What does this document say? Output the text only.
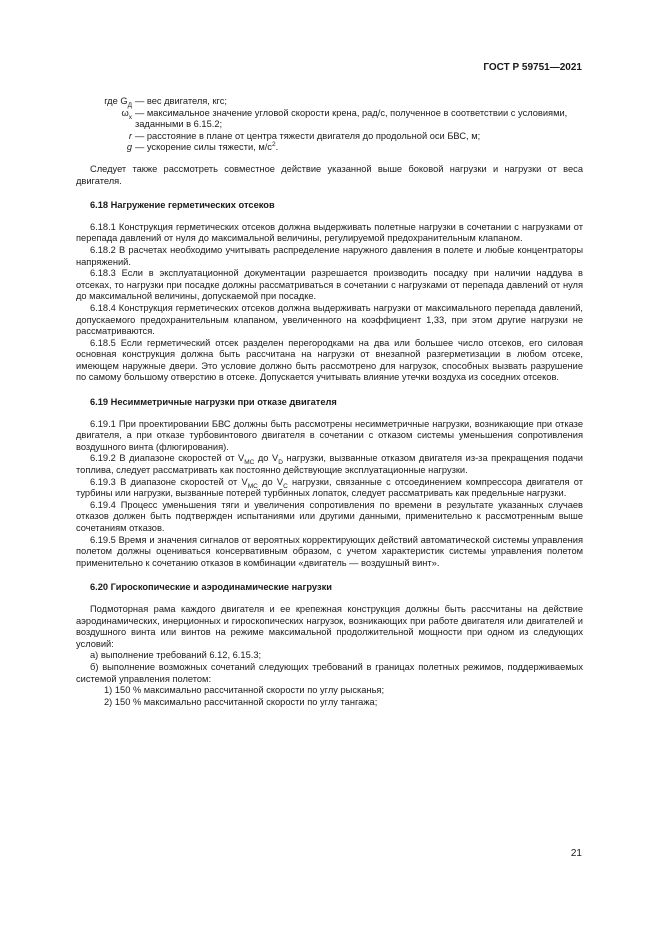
ГОСТ Р 59751—2021
где $G_Д$ — вес двигателя, кгс;
$\omega_x$ — максимальное значение угловой скорости крена, рад/с, полученное в соответствии с условиями, заданными в 6.15.2;
r — расстояние в плане от центра тяжести двигателя до продольной оси БВС, м;
g — ускорение силы тяжести, $м/с^2$.

Следует также рассмотреть совместное действие указанной выше боковой нагрузки и нагрузки от веса двигателя.

6.18 Нагружение герметических отсеков

6.18.1 Конструкция герметических отсеков должна выдерживать полетные нагрузки в сочетании с нагрузками от перепада давлений от нуля до максимальной величины, регулируемой предохранительным клапаном.

6.18.2 В расчетах необходимо учитывать распределение наружного давления в полете и любые концентраторы напряжений.

6.18.3 Если в эксплуатационной документации разрешается производить посадку при наличии наддува в отсеках, то нагрузки при посадке должны рассматриваться в сочетании с нагрузками от перепада давлений от нуля до максимальной величины, допускаемой при посадке.

6.18.4 Конструкция герметических отсеков должна выдерживать нагрузки от максимального перепада давлений, допускаемого предохранительным клапаном, увеличенного на коэффициент 1,33, при этом другие нагрузки не рассматриваются.

6.18.5 Если герметический отсек разделен перегородками на два или большее число отсеков, его силовая основная конструкция должна быть рассчитана на нагрузки от внезапной разгерметизации в любом отсеке, имеющем наружные двери. Это условие должно быть рассмотрено для нагрузок, способных вызвать разрушение по самому большому отверстию в отсеке. Допускается учитывать влияние утечки воздуха из соседних отсеков.

6.19 Несимметричные нагрузки при отказе двигателя

6.19.1 При проектировании БВС должны быть рассмотрены несимметричные нагрузки, возникающие при отказе двигателя, а при отказе турбовинтового двигателя в сочетании с отказом системы уменьшения сопротивления воздушного винта (флюгирования).

6.19.2 В диапазоне скоростей от $V_{MC}$ до $V_D$ нагрузки, вызванные отказом двигателя из-за прекращения подачи топлива, следует рассматривать как постоянно действующие эксплуатационные нагрузки.

6.19.3 В диапазоне скоростей от $V_{MC}$ до $V_C$ нагрузки, связанные с отсоединением компрессора двигателя от турбины или нагрузки, вызванные потерей турбинных лопаток, следует рассматривать как предельные нагрузки.

6.19.4 Процесс уменьшения тяги и увеличения сопротивления по времени в результате указанных случаев отказов должен быть подтвержден испытаниями или другими данными, применительно к рассмотренным выше сочетаниям отказов.

6.19.5 Время и значения сигналов от вероятных корректирующих действий автоматической системы управления полетом должны оцениваться консервативным образом, с учетом характеристик системы управления полетом применительно к сочетанию отказов в комбинации «двигатель — воздушный винт».

6.20 Гироскопические и аэродинамические нагрузки

Подмоторная рама каждого двигателя и ее крепежная конструкция должны быть рассчитаны на действие аэродинамических, инерционных и гироскопических нагрузок, возникающих при работе двигателя или двигателей и воздушного винта или винтов на режиме максимальной продолжительной мощности при одном из следующих условий:

а) выполнение требований 6.12, 6.15.3;

б) выполнение возможных сочетаний следующих требований в границах полетных режимов, поддерживаемых системой управления полетом:

1) 150 % максимально рассчитанной скорости по углу рысканья;

2) 150 % максимально рассчитанной скорости по углу тангажа;

21
